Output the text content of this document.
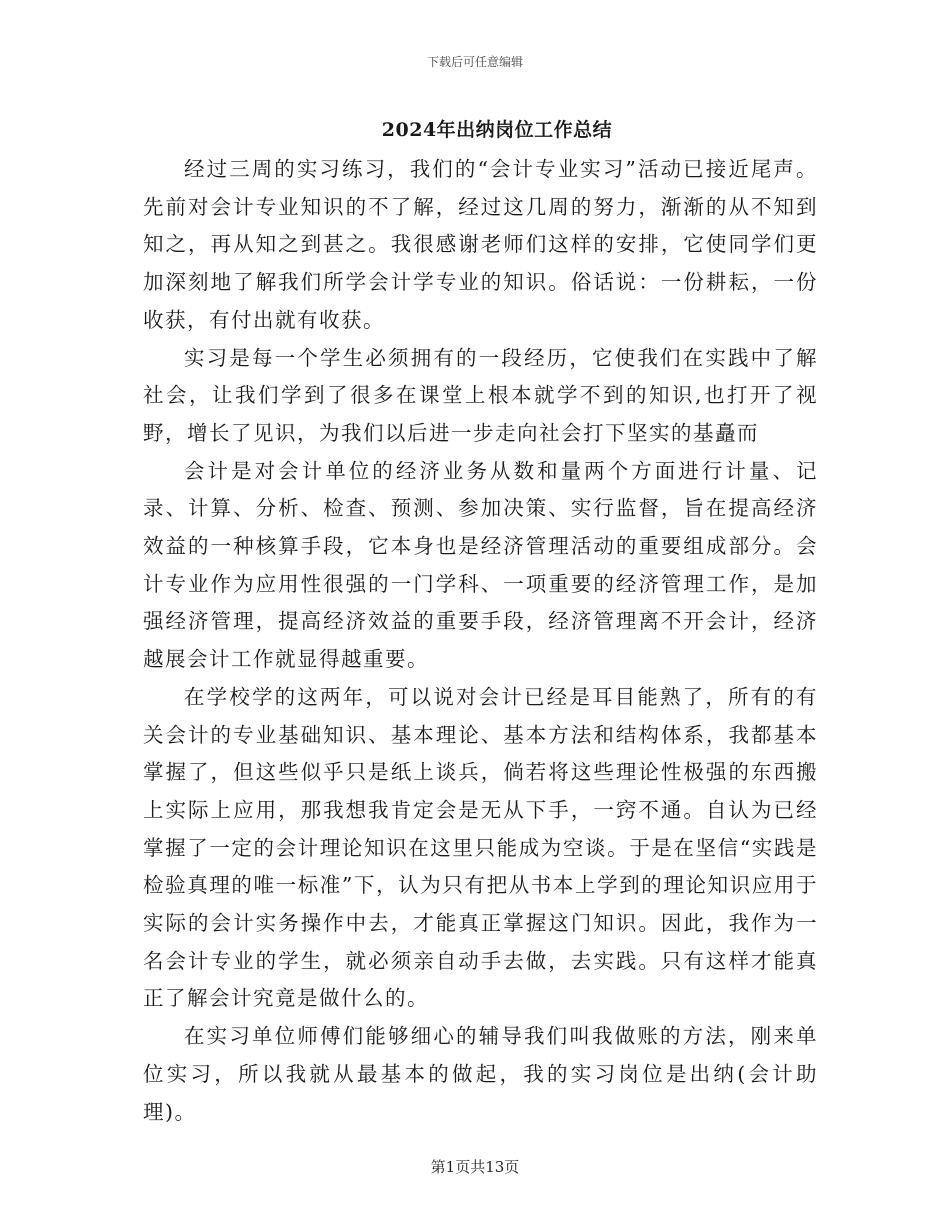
下载后可任意编辑
2024年出纳岗位工作总结

经过三周的实习练习，我们的“会计专业实习”活动已接近尾声。先前对会计专业知识的不了解，经过这几周的努力，渐渐的从不知到知之，再从知之到甚之。我很感谢老师们这样的安排，它使同学们更加深刻地了解我们所学会计学专业的知识。俗话说：一份耕耘，一份收获，有付出就有收获。

实习是每一个学生必须拥有的一段经历，它使我们在实践中了解社会，让我们学到了很多在课堂上根本就学不到的知识,也打开了视野，增长了见识，为我们以后进一步走向社会打下坚实的基矗而

会计是对会计单位的经济业务从数和量两个方面进行计量、记录、计算、分析、检查、预测、参加决策、实行监督，旨在提高经济效益的一种核算手段，它本身也是经济管理活动的重要组成部分。会计专业作为应用性很强的一门学科、一项重要的经济管理工作，是加强经济管理，提高经济效益的重要手段，经济管理离不开会计，经济越展会计工作就显得越重要。

在学校学的这两年，可以说对会计已经是耳目能熟了，所有的有关会计的专业基础知识、基本理论、基本方法和结构体系，我都基本掌握了，但这些似乎只是纸上谈兵，倘若将这些理论性极强的东西搬上实际上应用，那我想我肯定会是无从下手，一窍不通。自认为已经掌握了一定的会计理论知识在这里只能成为空谈。于是在坚信“实践是检验真理的唯一标准”下，认为只有把从书本上学到的理论知识应用于实际的会计实务操作中去，才能真正掌握这门知识。因此，我作为一名会计专业的学生，就必须亲自动手去做，去实践。只有这样才能真正了解会计究竟是做什么的。

在实习单位师傅们能够细心的辅导我们叫我做账的方法，刚来单位实习，所以我就从最基本的做起，我的实习岗位是出纳(会计助理)。

第1页共13页
